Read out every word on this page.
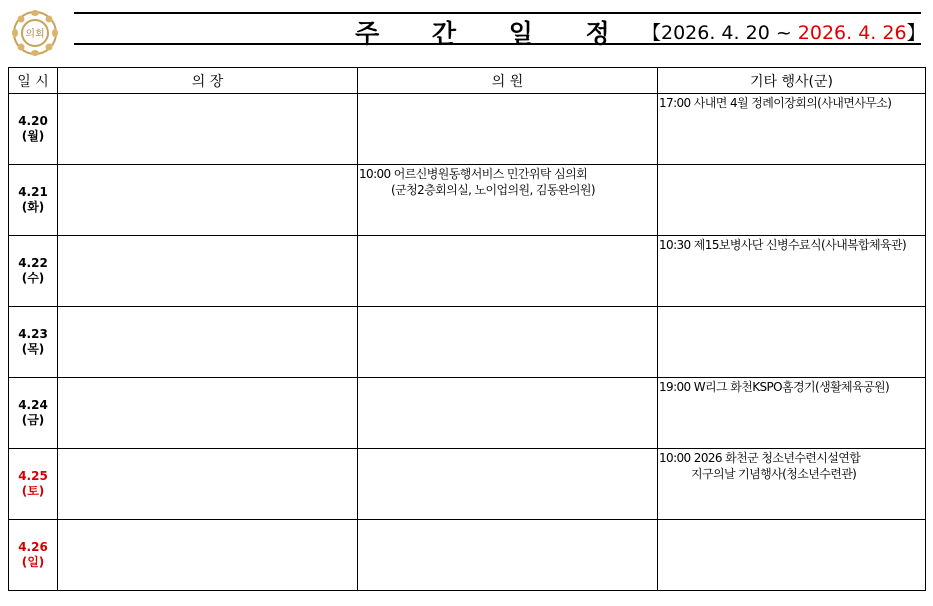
의회	주 간 일 정 【2026. 4. 20 ~ 2026. 4. 26】
일 시	의 장	의 원	기타 행사(군)
4.20
(월)			17:00 사내면 4월 정례이장회의(사내면사무소)

4.21
(화)		10:00 어르신병원동행서비스 민간위탁 심의회
(군청2층회의실, 노이업의원, 김동완의원)	

4.22
(수)			10:30 제15보병사단 신병수료식(사내복합체육관)

4.23
(목)	

4.24
(금)			19:00 W리그 화천KSPO홈경기(생활체육공원)

4.25
(토)			10:00 2026 화천군 청소년수련시설연합
지구의날 기념행사(청소년수련관)

4.26
(일)	
